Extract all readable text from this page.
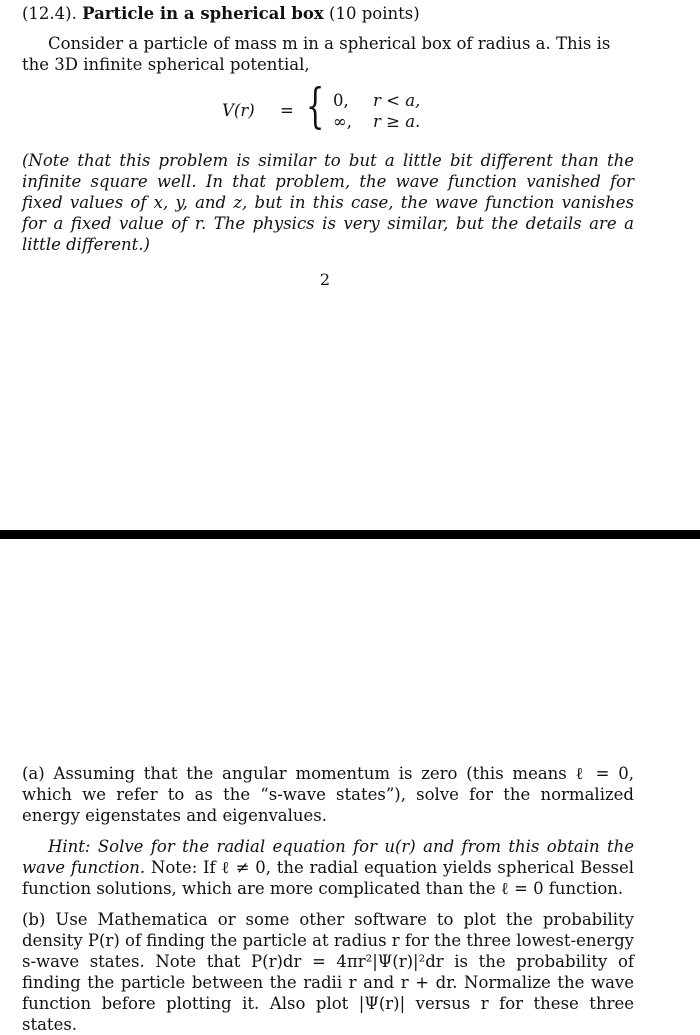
(12.4). Particle in a spherical box (10 points)
Consider a particle of mass m in a spherical box of radius a. This is the 3D infinite spherical potential,
V(r) = { 0, r < a,
∞, r ≥ a.
(Note that this problem is similar to but a little bit different than the infinite square well. In that problem, the wave function vanished for fixed values of x, y, and z, but in this case, the wave function vanishes for a fixed value of r. The physics is very similar, but the details are a little different.)
2
(a) Assuming that the angular momentum is zero (this means ℓ = 0, which we refer to as the “s-wave states”), solve for the normalized energy eigenstates and eigenvalues.
Hint: Solve for the radial equation for u(r) and from this obtain the wave function. Note: If ℓ ≠ 0, the radial equation yields spherical Bessel function solutions, which are more complicated than the ℓ = 0 function.
(b) Use Mathematica or some other software to plot the probability density P(r) of finding the particle at radius r for the three lowest-energy s-wave states. Note that P(r)dr = 4πr²|Ψ(r)|²dr is the probability of finding the particle between the radii r and r + dr. Normalize the wave function before plotting it. Also plot |Ψ(r)| versus r for these three states.
